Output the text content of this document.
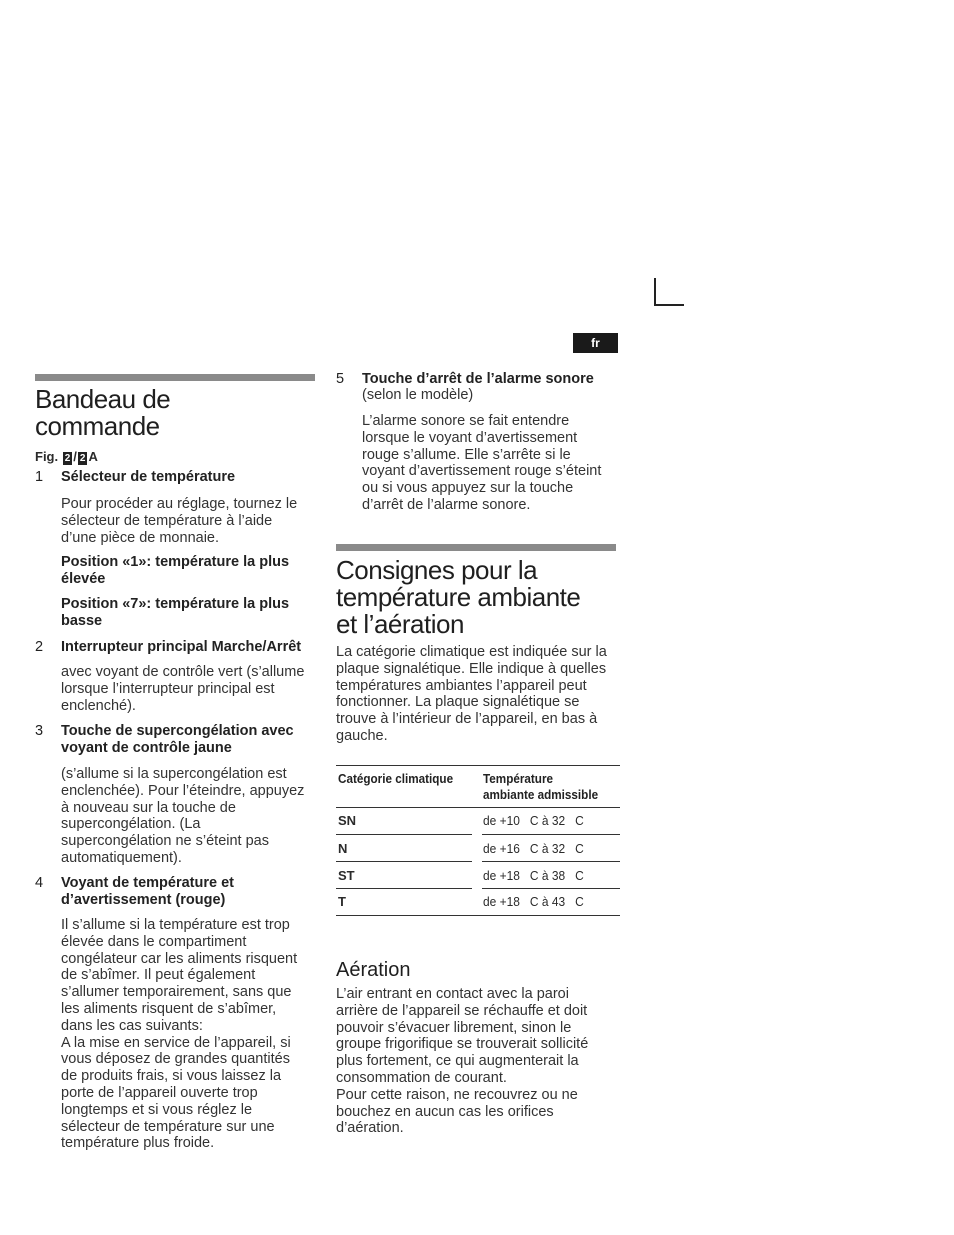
fr
Bandeau de
commande
Fig. 2 / 2 A
1 Sélecteur de température
Pour procéder au réglage, tournez le
sélecteur de température à l’aide
d’une pièce de monnaie.
Position «1»: température la plus
élevée
Position «7»: température la plus
basse
2 Interrupteur principal Marche/Arrêt
avec voyant de contrôle vert (s’allume
lorsque l’interrupteur principal est
enclenché).
3 Touche de supercongélation avec
voyant de contrôle jaune
(s’allume si la supercongélation est
enclenchée). Pour l’éteindre, appuyez
à nouveau sur la touche de
supercongélation. (La
supercongélation ne s’éteint pas
automatiquement).
4 Voyant de température et
d’avertissement (rouge)
Il s’allume si la température est trop
élevée dans le compartiment
congélateur car les aliments risquent
de s’abîmer. Il peut également
s’allumer temporairement, sans que
les aliments risquent de s’abîmer,
dans les cas suivants:
A la mise en service de l’appareil, si
vous déposez de grandes quantités
de produits frais, si vous laissez la
porte de l’appareil ouverte trop
longtemps et si vous réglez le
sélecteur de température sur une
température plus froide.
5 Touche d’arrêt de l’alarme sonore
(selon le modèle)
L’alarme sonore se fait entendre
lorsque le voyant d’avertissement
rouge s’allume. Elle s’arrête si le
voyant d’avertissement rouge s’éteint
ou si vous appuyez sur la touche
d’arrêt de l’alarme sonore.
Consignes pour la
température ambiante
et l’aération
La catégorie climatique est indiquée sur la
plaque signalétique. Elle indique à quelles
températures ambiantes l’appareil peut
fonctionner. La plaque signalétique se
trouve à l’intérieur de l’appareil, en bas à
gauche.
Catégorie climatique Température
ambiante admissible
SN	de +10   C à 32   C
N	de +16   C à 32   C
ST	de +18   C à 38   C
T	de +18   C à 43   C
Aération
L’air entrant en contact avec la paroi
arrière de l’appareil se réchauffe et doit
pouvoir s’évacuer librement, sinon le
groupe frigorifique se trouverait sollicité
plus fortement, ce qui augmenterait la
consommation de courant.
Pour cette raison, ne recouvrez ou ne
bouchez en aucun cas les orifices
d’aération.
